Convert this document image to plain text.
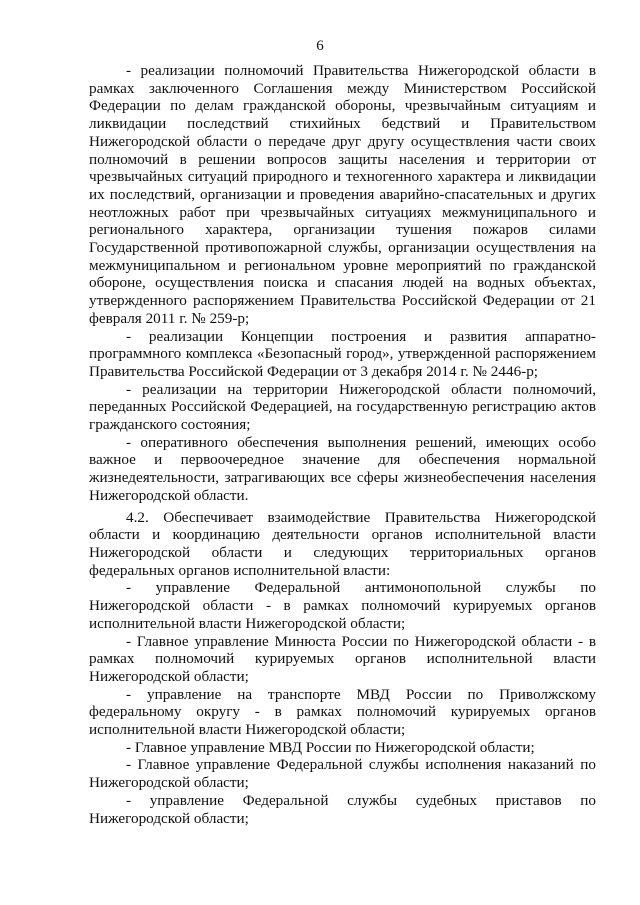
6

- реализации полномочий Правительства Нижегородской области в рамках заключенного Соглашения между Министерством Российской Федерации по делам гражданской обороны, чрезвычайным ситуациям и ликвидации последствий стихийных бедствий и Правительством Нижегородской области о передаче друг другу осуществления части своих полномочий в решении вопросов защиты населения и территории от чрезвычайных ситуаций природного и техногенного характера и ликвидации их последствий, организации и проведения аварийно-спасательных и других неотложных работ при чрезвычайных ситуациях межмуниципального и регионального характера, организации тушения пожаров силами Государственной противопожарной службы, организации осуществления на межмуниципальном и региональном уровне мероприятий по гражданской обороне, осуществления поиска и спасания людей на водных объектах, утвержденного распоряжением Правительства Российской Федерации от 21 февраля 2011 г. № 259-р;

- реализации Концепции построения и развития аппаратно-программного комплекса «Безопасный город», утвержденной распоряжением Правительства Российской Федерации от 3 декабря 2014 г. № 2446-р;

- реализации на территории Нижегородской области полномочий, переданных Российской Федерацией, на государственную регистрацию актов гражданского состояния;

- оперативного обеспечения выполнения решений, имеющих особо важное и первоочередное значение для обеспечения нормальной жизнедеятельности, затрагивающих все сферы жизнеобеспечения населения Нижегородской области.

4.2. Обеспечивает взаимодействие Правительства Нижегородской области и координацию деятельности органов исполнительной власти Нижегородской области и следующих территориальных органов федеральных органов исполнительной власти:

- управление Федеральной антимонопольной службы по Нижегородской области - в рамках полномочий курируемых органов исполнительной власти Нижегородской области;

- Главное управление Минюста России по Нижегородской области - в рамках полномочий курируемых органов исполнительной власти Нижегородской области;

- управление на транспорте МВД России по Приволжскому федеральному округу - в рамках полномочий курируемых органов исполнительной власти Нижегородской области;

- Главное управление МВД России по Нижегородской области;

- Главное управление Федеральной службы исполнения наказаний по Нижегородской области;

- управление Федеральной службы судебных приставов по Нижегородской области;
